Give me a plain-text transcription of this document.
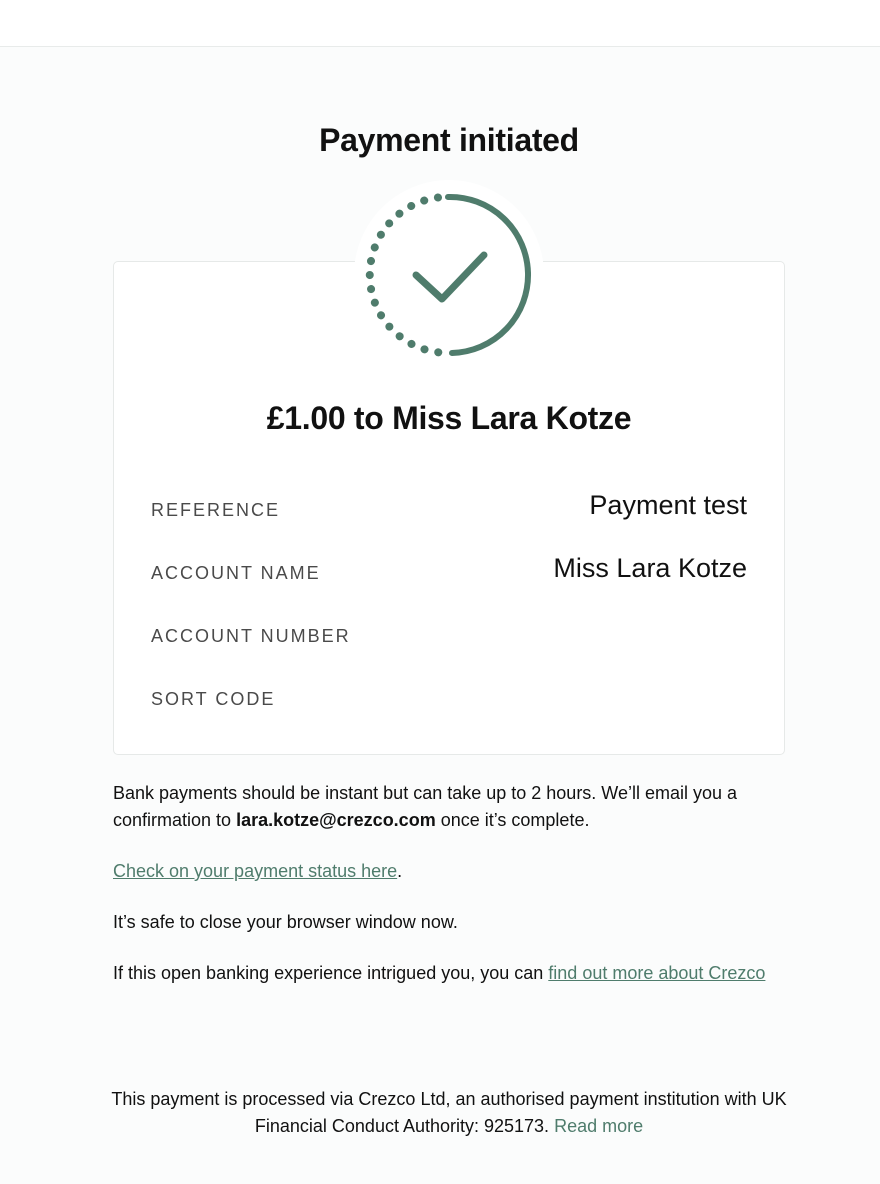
Payment initiated
£1.00 to Miss Lara Kotze
REFERENCE	Payment test
ACCOUNT NAME	Miss Lara Kotze
ACCOUNT NUMBER
SORT CODE

Bank payments should be instant but can take up to 2 hours. We’ll email you a confirmation to lara.kotze@crezco.com once it’s complete.

Check on your payment status here.

It’s safe to close your browser window now.

If this open banking experience intrigued you, you can find out more about Crezco

This payment is processed via Crezco Ltd, an authorised payment institution with UK Financial Conduct Authority: 925173. Read more
